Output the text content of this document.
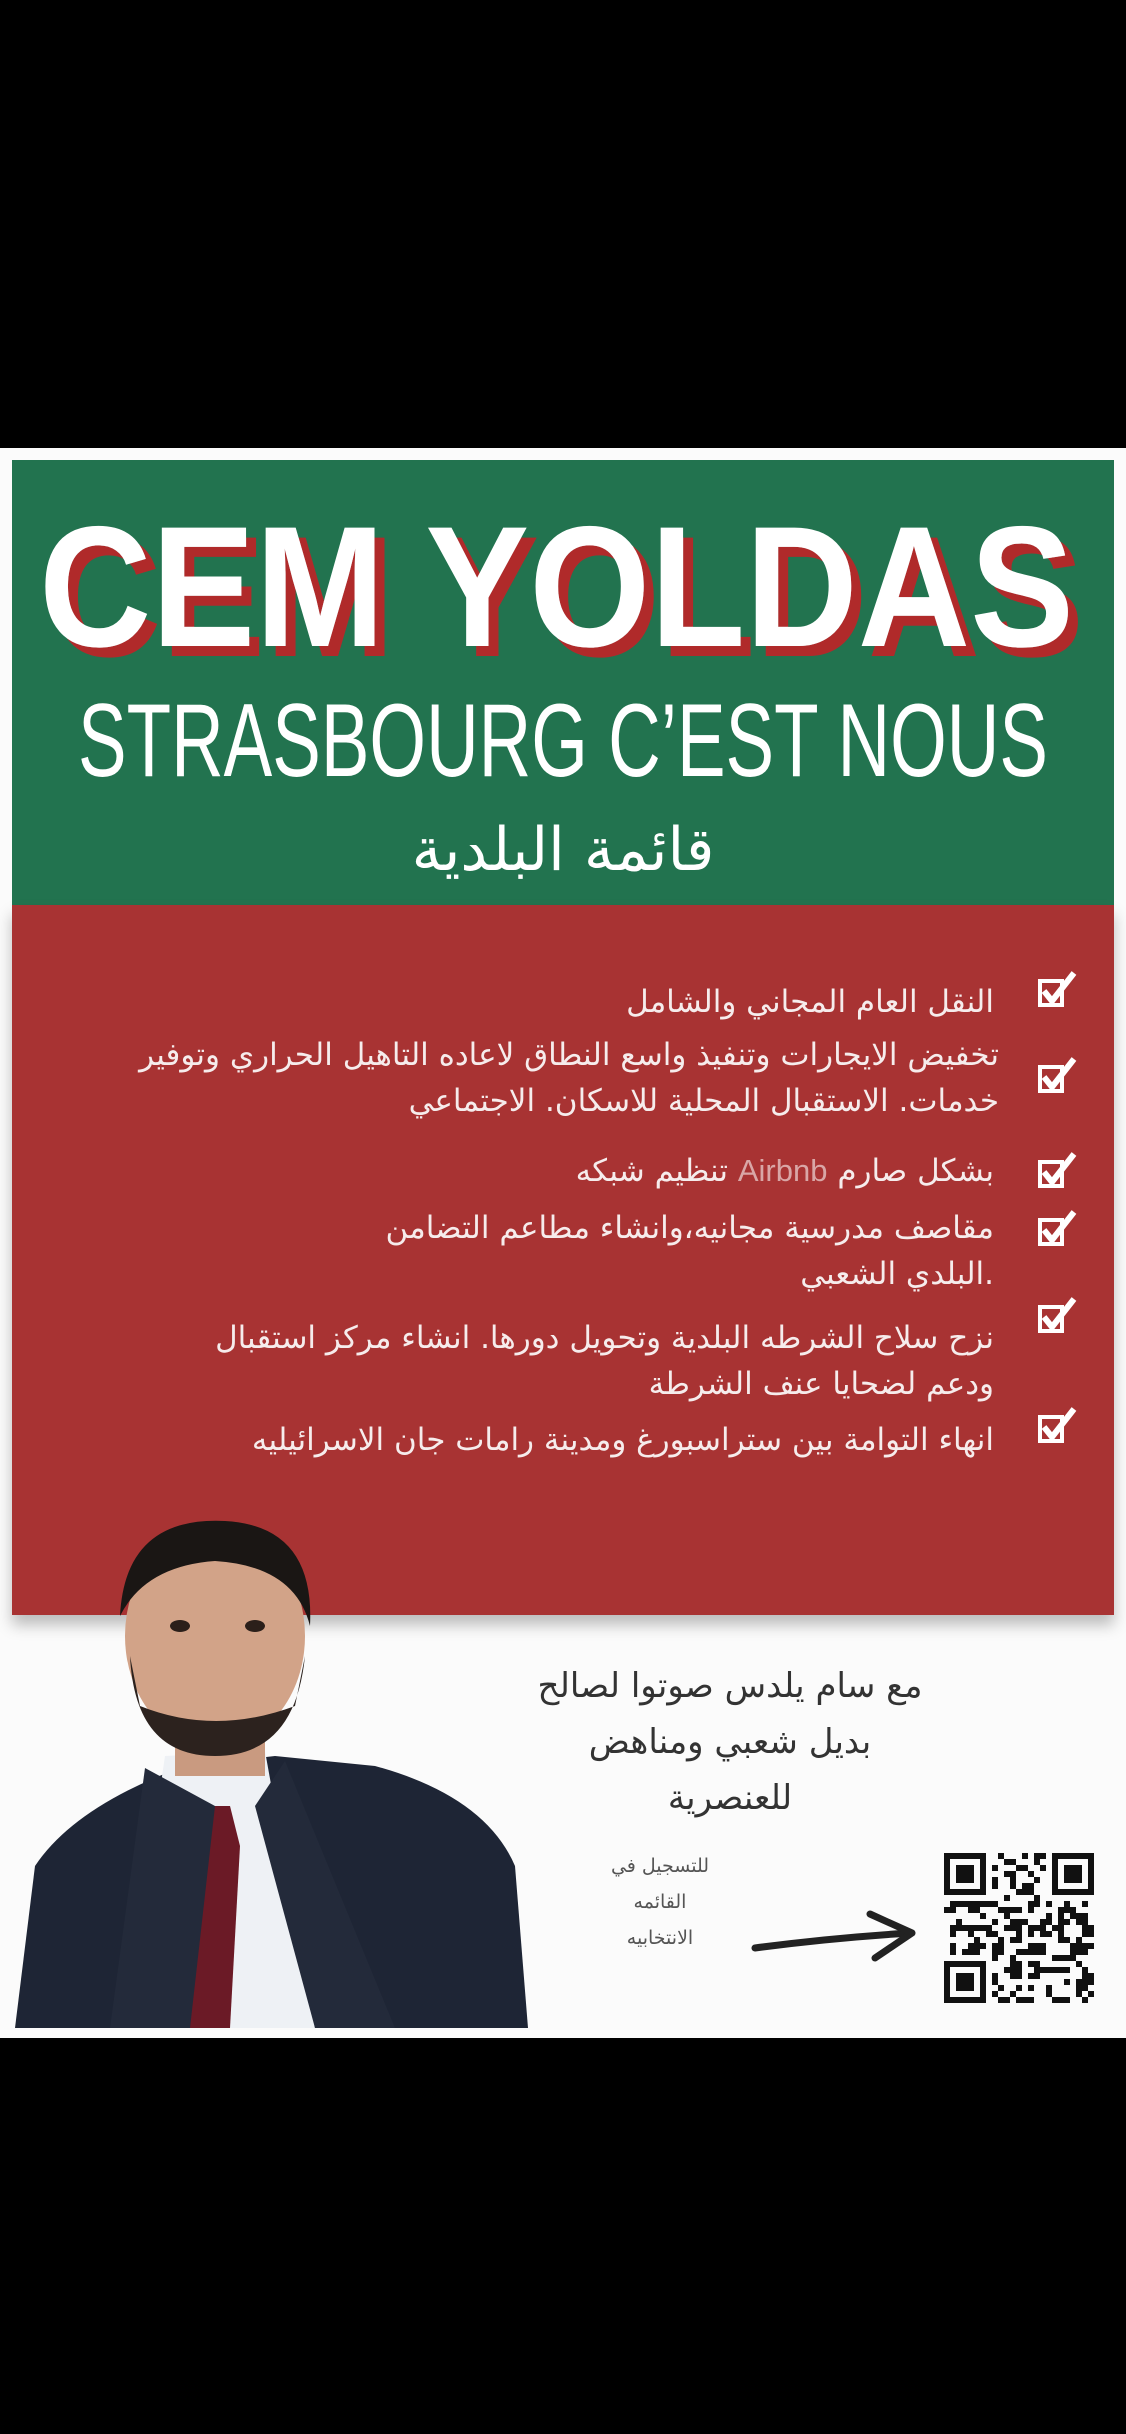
CEM YOLDAS
STRASBOURG C’EST NOUS
قائمة البلدية
النقل العام المجاني والشامل
تخفيض الايجارات وتنفيذ واسع النطاق لاعاده التاهيل الحراري وتوفير
خدمات. الاستقبال المحلية للاسكان. الاجتماعي
بشكل صارم Airbnb تنظيم شبكه
مقاصف مدرسية مجانيه،وانشاء مطاعم التضامن
.البلدي الشعبي
نزح سلاح الشرطه البلدية وتحويل دورها. انشاء مركز استقبال
ودعم لضحايا عنف الشرطة
انهاء التوامة بين ستراسبورغ ومدينة رامات جان الاسرائيليه
مع سام يلدس صوتوا لصالح
بديل شعبي ومناهض
للعنصرية
للتسجيل في
القائمه
الانتخابيه
